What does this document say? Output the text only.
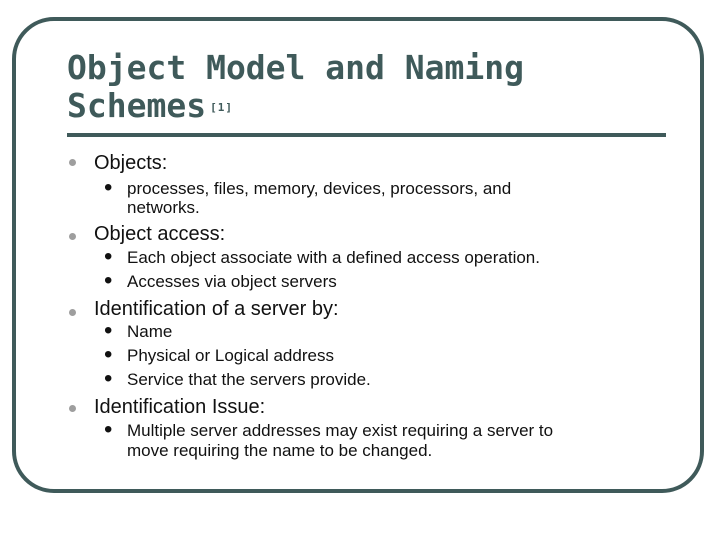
Object Model and Naming Schemes [1]
Objects:
• processes, files, memory, devices, processors, and
networks.
Object access:
• Each object associate with a defined access operation.
• Accesses via object servers
Identification of a server by:
• Name
• Physical or Logical address
• Service that the servers provide.
Identification Issue:
• Multiple server addresses may exist requiring a server to
move requiring the name to be changed.
